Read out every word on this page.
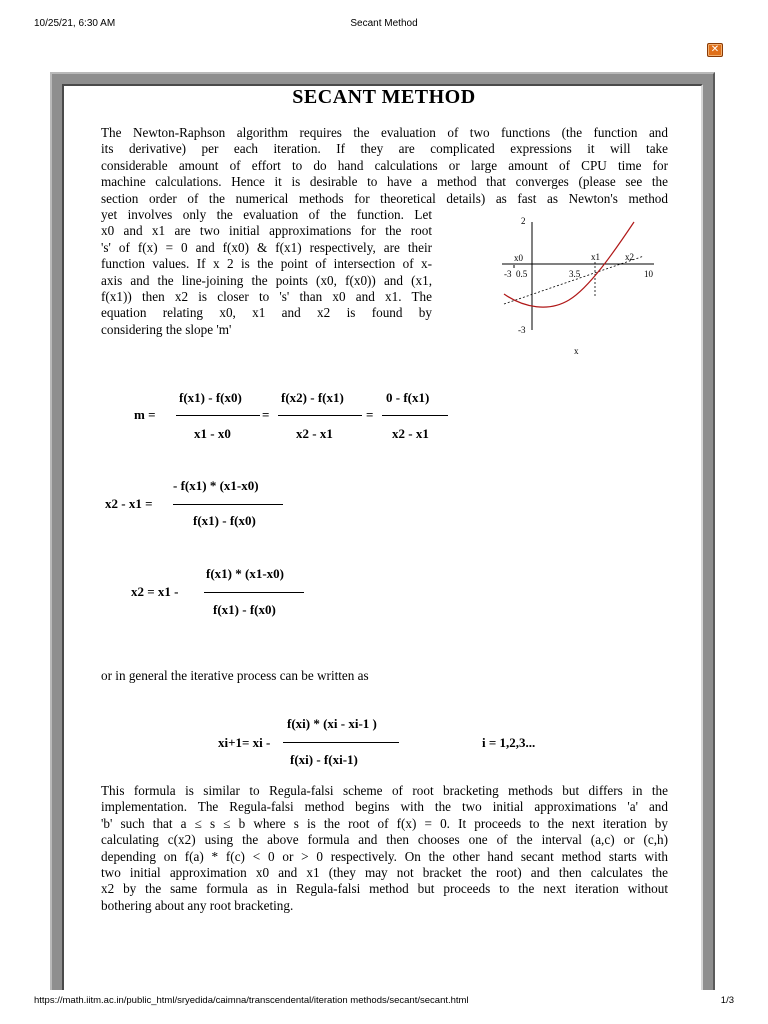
10/25/21, 6:30 AM	Secant Method
https://math.iitm.ac.in/public_html/sryedida/caimna/transcendental/iteration methods/secant/secant.html	1/3
✕
SECANT METHOD
The Newton-Raphson algorithm requires the evaluation of two functions (the function and
its derivative) per each iteration. If they are complicated expressions it will take
considerable amount of effort to do hand calculations or large amount of CPU time for
machine calculations. Hence it is desirable to have a method that converges (please see the
section order of the numerical methods for theoretical details) as fast as Newton's method
yet involves only the evaluation of the function. Let
x0 and x1 are two initial approximations for the root
's' of f(x) = 0 and f(x0) & f(x1) respectively, are their
function values. If x 2 is the point of intersection of x-
axis and the line-joining the points (x0, f(x0)) and (x1,
f(x1)) then x2 is closer to 's' than x0 and x1. The
equation relating x0, x1 and x2 is found by
considering the slope 'm'
2
-3
-3 0.5	3.5	10
x0	x1	x2
x
m =
f(x1) - f(x0)
x1 - x0
=
f(x2) - f(x1)
x2 - x1
=
0 - f(x1)
x2 - x1
x2 - x1 =
- f(x1) * (x1-x0)
f(x1) - f(x0)
x2 = x1 -
f(x1) * (x1-x0)
f(x1) - f(x0)
or in general the iterative process can be written as
xi+1= xi -
f(xi) * (xi - xi-1 )
f(xi) - f(xi-1)
i = 1,2,3...
This formula is similar to Regula-falsi scheme of root bracketing methods but differs in the
implementation. The Regula-falsi method begins with the two initial approximations 'a' and
'b' such that a ≤ s ≤ b where s is the root of f(x) = 0. It proceeds to the next iteration by
calculating c(x2) using the above formula and then chooses one of the interval (a,c) or (c,h)
depending on f(a) * f(c) < 0 or > 0 respectively. On the other hand secant method starts with
two initial approximation x0 and x1 (they may not bracket the root) and then calculates the
x2 by the same formula as in Regula-falsi method but proceeds to the next iteration without
bothering about any root bracketing.
